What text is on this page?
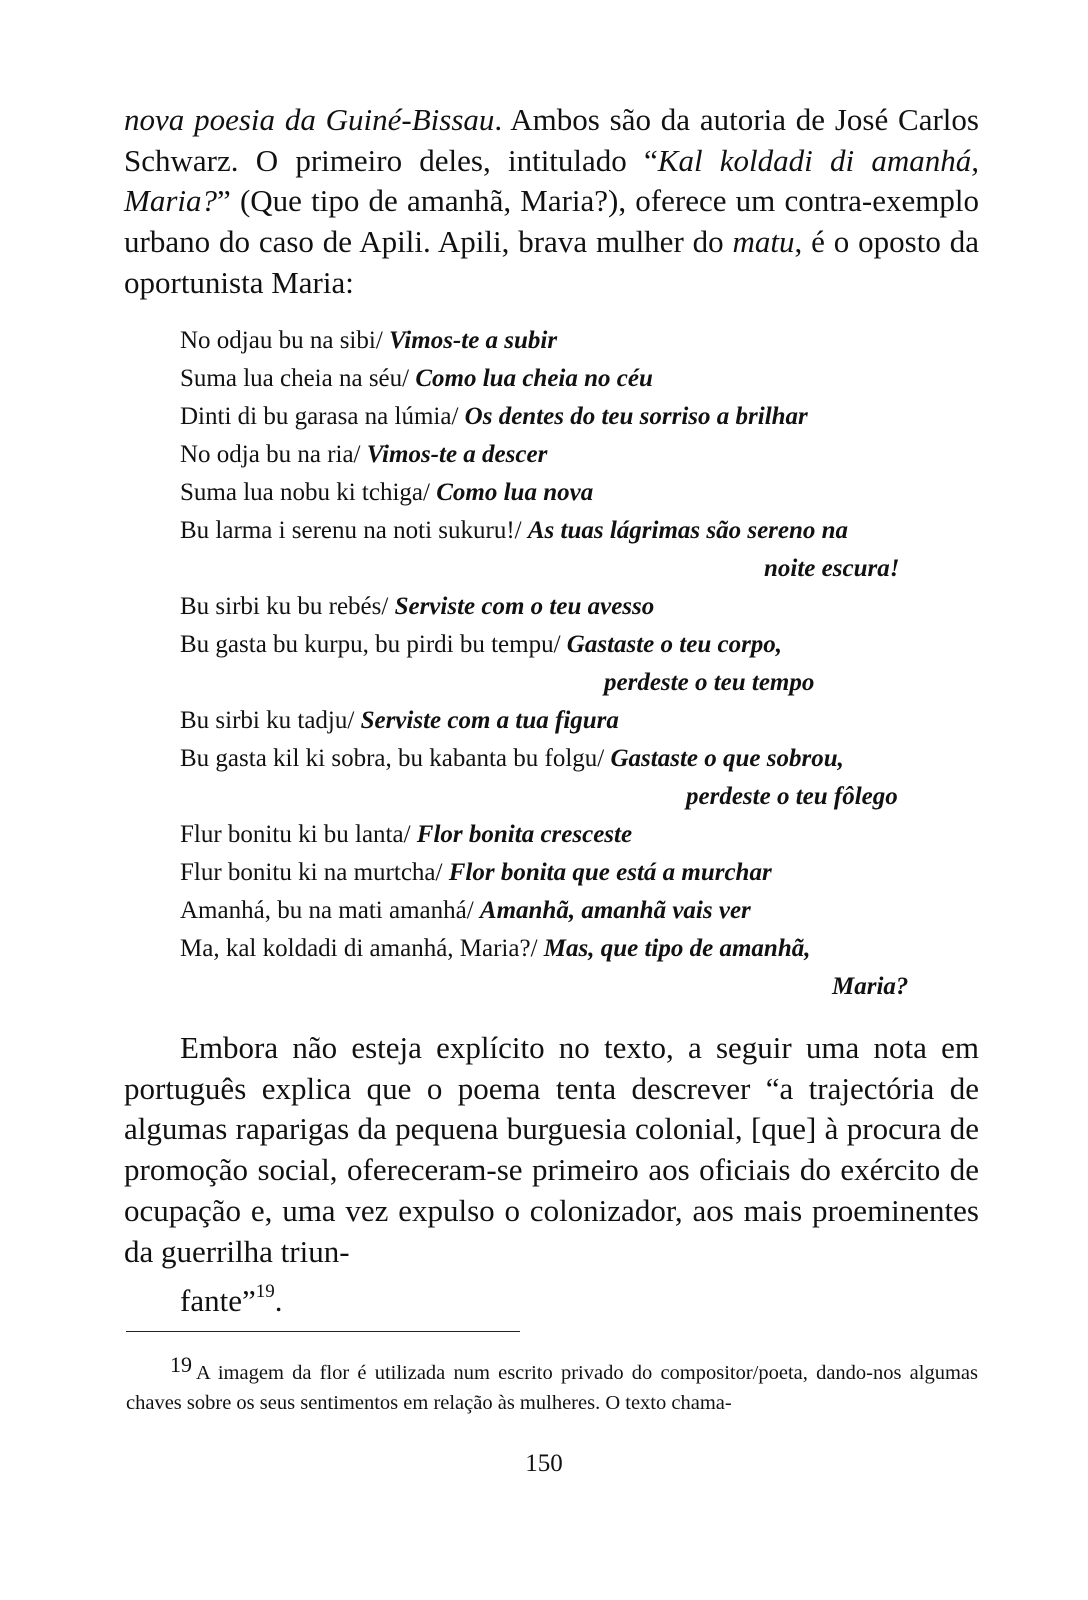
nova poesia da Guiné-Bissau. Ambos são da autoria de José Carlos Schwarz. O primeiro deles, intitulado “Kal koldadi di amanhá, Maria?” (Que tipo de amanhã, Maria?), oferece um contra-exemplo urbano do caso de Apili. Apili, brava mulher do matu, é o oposto da oportunista Maria:

No odjau bu na sibi/ Vimos-te a subir
Suma lua cheia na séu/ Como lua cheia no céu
Dinti di bu garasa na lúmia/ Os dentes do teu sorriso a brilhar
No odja bu na ria/ Vimos-te a descer
Suma lua nobu ki tchiga/ Como lua nova
Bu larma i serenu na noti sukuru!/ As tuas lágrimas são sereno na
noite escura!
Bu sirbi ku bu rebés/ Serviste com o teu avesso
Bu gasta bu kurpu, bu pirdi bu tempu/ Gastaste o teu corpo,
perdeste o teu tempo
Bu sirbi ku tadju/ Serviste com a tua figura
Bu gasta kil ki sobra, bu kabanta bu folgu/ Gastaste o que sobrou,
perdeste o teu fôlego
Flur bonitu ki bu lanta/ Flor bonita cresceste
Flur bonitu ki na murtcha/ Flor bonita que está a murchar
Amanhá, bu na mati amanhá/ Amanhã, amanhã vais ver
Ma, kal koldadi di amanhá, Maria?/ Mas, que tipo de amanhã,
Maria?

Embora não esteja explícito no texto, a seguir uma nota em português explica que o poema tenta descrever “a trajectória de algumas raparigas da pequena burguesia colonial, [que] à procura de promoção social, ofereceram-se primeiro aos oficiais do exército de ocupação e, uma vez expulso o colonizador, aos mais proeminentes da guerrilha triun-
fante”$^{19}$.

19 A imagem da flor é utilizada num escrito privado do compositor/poeta, dando-nos algumas chaves sobre os seus sentimentos em relação às mulheres. O texto chama-

150
